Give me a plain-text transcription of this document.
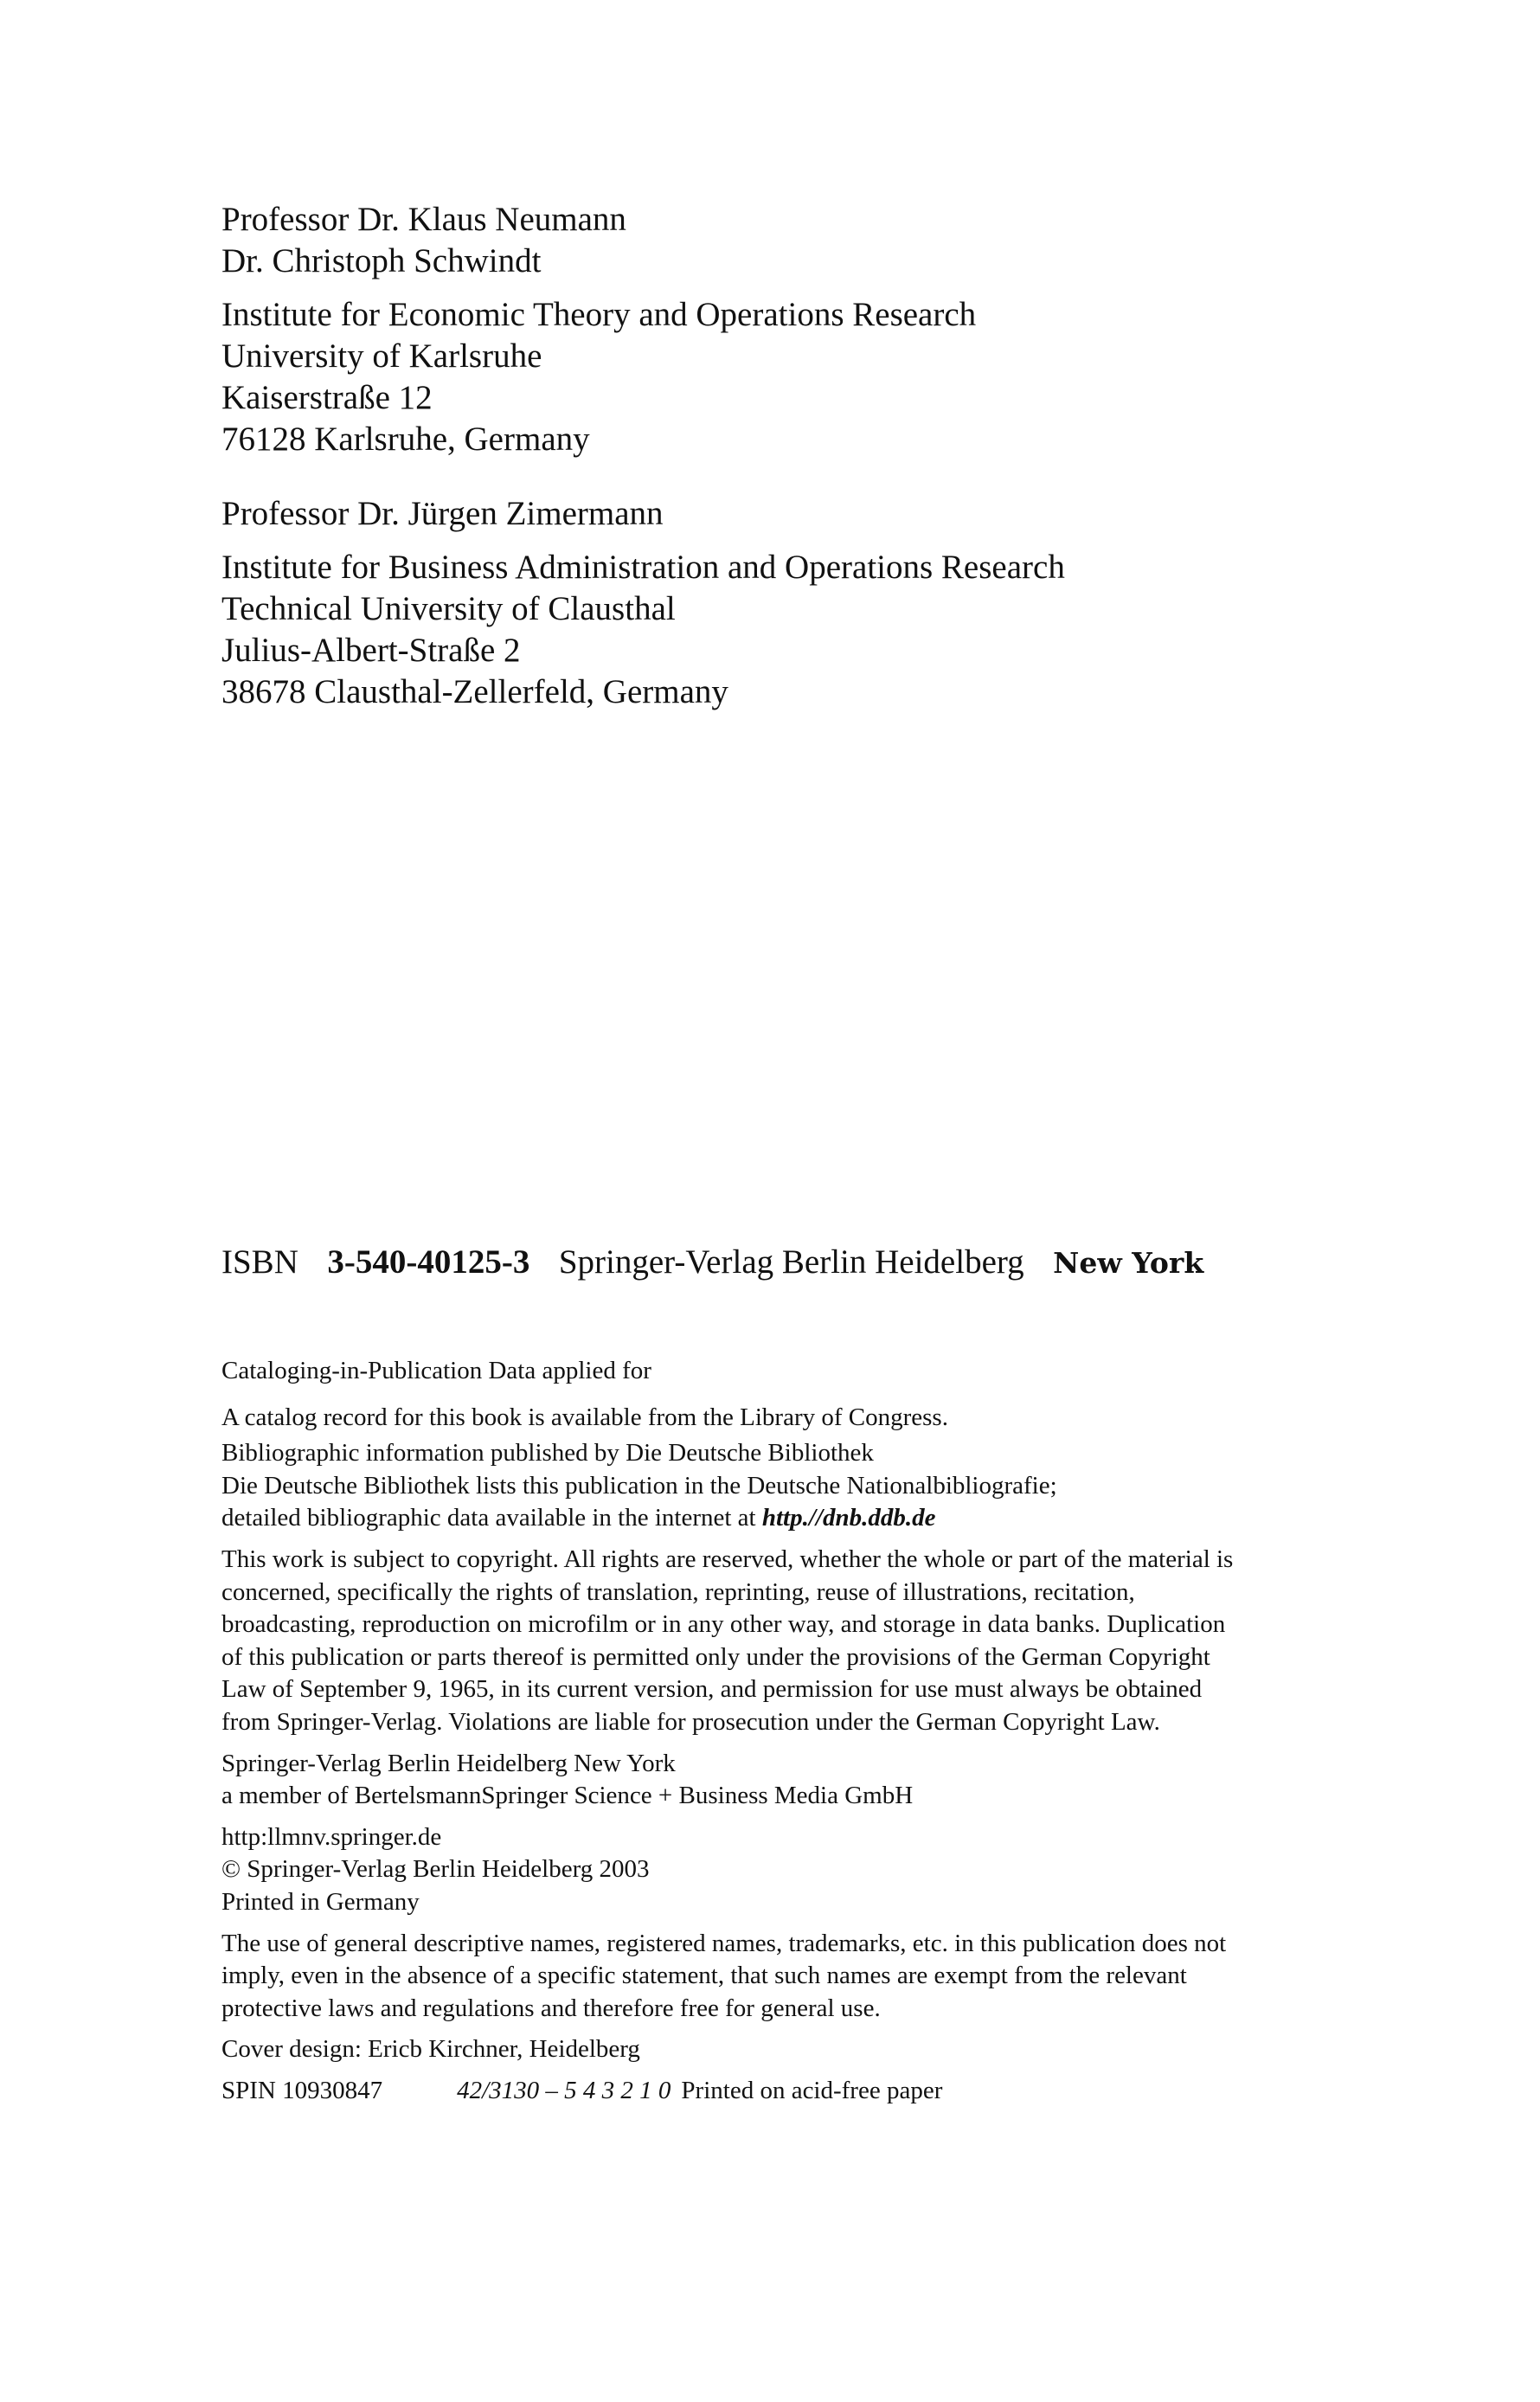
Professor Dr. Klaus Neumann
Dr. Christoph Schwindt
Institute for Economic Theory and Operations Research
University of Karlsruhe
Kaiserstraße 12
76128 Karlsruhe, Germany
Professor Dr. Jürgen Zimermann
Institute for Business Administration and Operations Research
Technical University of Clausthal
Julius-Albert-Straße 2
38678 Clausthal-Zellerfeld, Germany
ISBN 3-540-40125-3 Springer-Verlag Berlin Heidelberg New York

Cataloging-in-Publication Data applied for

A catalog record for this book is available from the Library of Congress.

Bibliographic information published by Die Deutsche Bibliothek

Die Deutsche Bibliothek lists this publication in the Deutsche Nationalbibliografie;

detailed bibliographic data available in the internet at http.//dnb.ddb.de

This work is subject to copyright. All rights are reserved, whether the whole or part of the material is concerned, specifically the rights of translation, reprinting, reuse of illustrations, recitation, broadcasting, reproduction on microfilm or in any other way, and storage in data banks. Duplication of this publication or parts thereof is permitted only under the provisions of the German Copyright Law of September 9, 1965, in its current version, and permission for use must always be obtained from Springer-Verlag. Violations are liable for prosecution under the German Copyright Law.

Springer-Verlag Berlin Heidelberg New York

a member of BertelsmannSpringer Science + Business Media GmbH

http:llmnv.springer.de

© Springer-Verlag Berlin Heidelberg 2003

Printed in Germany

The use of general descriptive names, registered names, trademarks, etc. in this publication does not imply, even in the absence of a specific statement, that such names are exempt from the relevant protective laws and regulations and therefore free for general use.

Cover design: Ericb Kirchner, Heidelberg

SPIN 10930847	42/3130 – 5 4 3 2 1 0 Printed on acid-free paper
